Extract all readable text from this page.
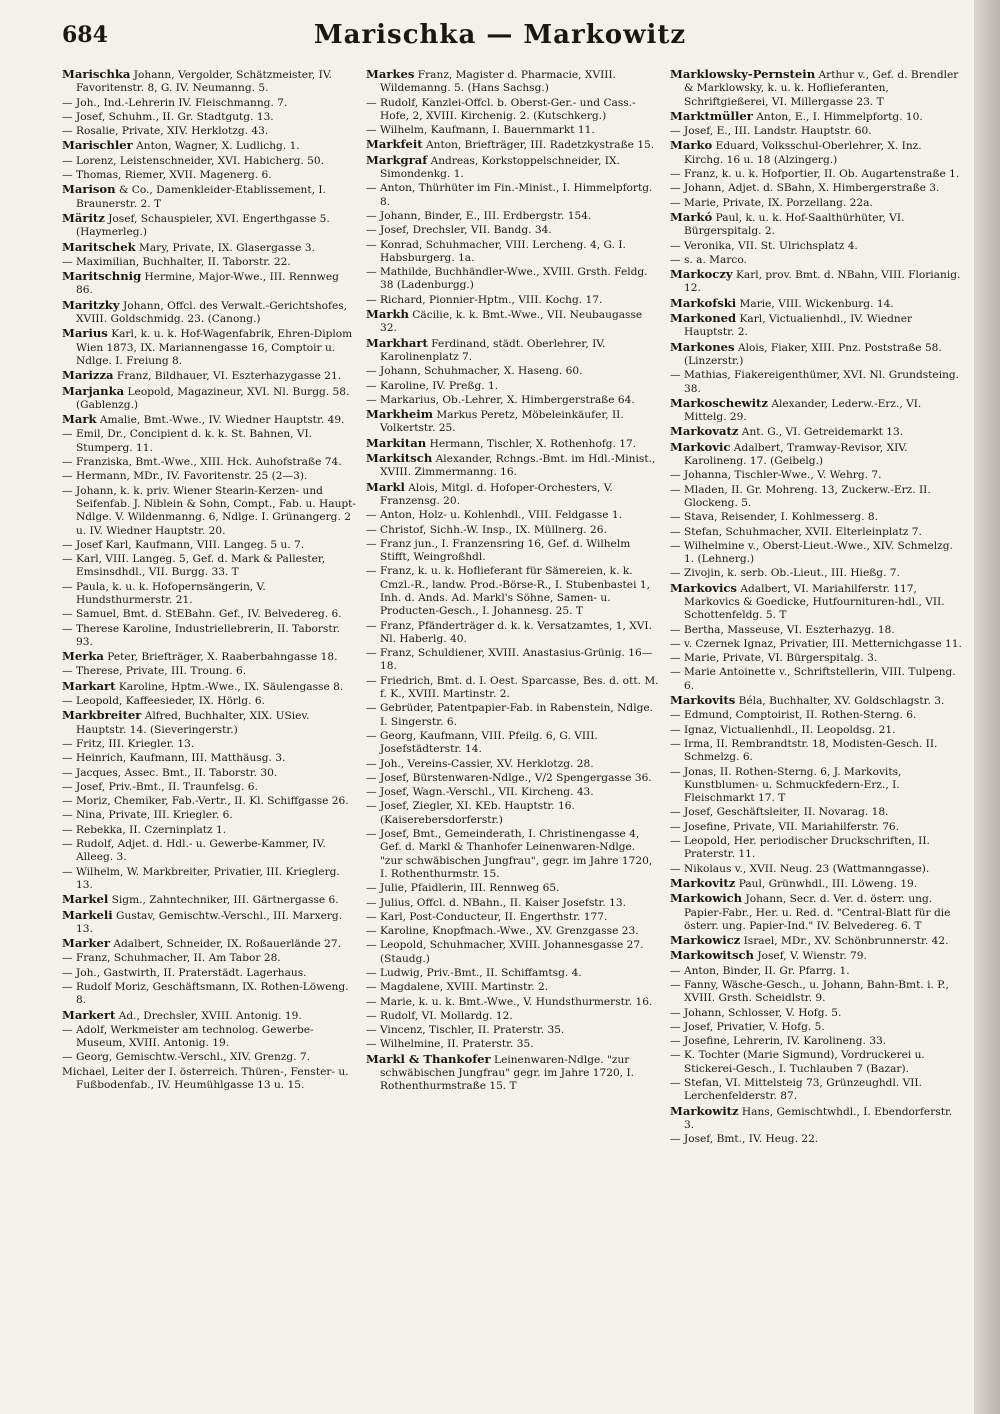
684	Marischka — Markowitz
Marischka Johann, Vergolder, Schätzmeister, IV. Favoritenstr. 8, G. IV. Neumanng. 5.
— Joh., Ind.-Lehrerin IV. Fleischmanng. 7.
— Josef, Schuhm., II. Gr. Stadtgutg. 13.
— Rosalie, Private, XIV. Herklotzg. 43.
Marischler Anton, Wagner, X. Ludlichg. 1.
— Lorenz, Leistenschneider, XVI. Habicherg. 50.
— Thomas, Riemer, XVII. Magenerg. 6.
Marison & Co., Damenkleider-Etablissement, I. Braunerstr. 2. T
Märitz Josef, Schauspieler, XVI. Engerthgasse 5. (Haymerleg.)
Maritschek Mary, Private, IX. Glasergasse 3.
— Maximilian, Buchhalter, II. Taborstr. 22.
Maritschnig Hermine, Major-Wwe., III. Rennweg 86.
Maritzky Johann, Offcl. des Verwalt.-Gerichtshofes, XVIII. Goldschmidg. 23. (Canong.)
Marius Karl, k. u. k. Hof-Wagenfabrik, Ehren-Diplom Wien 1873, IX. Mariannengasse 16, Comptoir u. Ndlge. I. Freiung 8.
Marizza Franz, Bildhauer, VI. Eszterhazygasse 21.
Marjanka Leopold, Magazineur, XVI. Nl. Burgg. 58. (Gablenzg.)
Mark Amalie, Bmt.-Wwe., IV. Wiedner Hauptstr. 49.
— Emil, Dr., Concipient d. k. k. St. Bahnen, VI. Stumperg. 11.
— Franziska, Bmt.-Wwe., XIII. Hck. Auhofstraße 74.
— Hermann, MDr., IV. Favoritenstr. 25 (2—3).
— Johann, k. k. priv. Wiener Stearin-Kerzen- und Seifenfab. J. Niblein & Sohn, Compt., Fab. u. Haupt-Ndlge. V. Wildenmanng. 6, Ndlge. I. Grünangerg. 2 u. IV. Wiedner Hauptstr. 20.
— Josef Karl, Kaufmann, VIII. Langeg. 5 u. 7.
— Karl, VIII. Langeg. 5, Gef. d. Mark & Pallester, Emsinsdhdl., VII. Burgg. 33. T
— Paula, k. u. k. Hofopernsängerin, V. Hundsthurmerstr. 21.
— Samuel, Bmt. d. StEBahn. Gef., IV. Belvedereg. 6.
— Therese Karoline, Industriellebrerin, II. Taborstr. 93.
Merka Peter, Briefträger, X. Raaberbahngasse 18.
— Therese, Private, III. Troung. 6.
Markart Karoline, Hptm.-Wwe., IX. Säulengasse 8.
— Leopold, Kaffeesieder, IX. Hörlg. 6.
Markbreiter Alfred, Buchhalter, XIX. USiev. Hauptstr. 14. (Sieveringerstr.)
— Fritz, III. Kriegler. 13.
— Heinrich, Kaufmann, III. Matthäusg. 3.
— Jacques, Assec. Bmt., II. Taborstr. 30.
— Josef, Priv.-Bmt., II. Traunfelsg. 6.
— Moriz, Chemiker, Fab.-Vertr., II. Kl. Schiffgasse 26.
— Nina, Private, III. Kriegler. 6.
— Rebekka, II. Czerninplatz 1.
— Rudolf, Adjet. d. Hdl.- u. Gewerbe-Kammer, IV. Alleeg. 3.
— Wilhelm, W. Markbreiter, Privatier, III. Krieglerg. 13.
Markel Sigm., Zahntechniker, III. Gärtnergasse 6.
Markeli Gustav, Gemischtw.-Verschl., III. Marxerg. 13.
Marker Adalbert, Schneider, IX. Roßauerlände 27.
— Franz, Schuhmacher, II. Am Tabor 28.
— Joh., Gastwirth, II. Praterstädt. Lagerhaus.
— Rudolf Moriz, Geschäftsmann, IX. Rothen-Löweng. 8.
Markert Ad., Drechsler, XVIII. Antonig. 19.
— Adolf, Werkmeister am technolog. Gewerbe-Museum, XVIII. Antonig. 19.
— Georg, Gemischtw.-Verschl., XIV. Grenzg. 7.
Michael, Leiter der I. österreich. Thüren-, Fenster- u. Fußbodenfab., IV. Heumühlgasse 13 u. 15.
Markes Franz, Magister d. Pharmacie, XVIII. Wildemanng. 5. (Hans Sachsg.)
— Rudolf, Kanzlei-Offcl. b. Oberst-Ger.- und Cass.-Hofe, 2, XVIII. Kirchenig. 2. (Kutschkerg.)
— Wilhelm, Kaufmann, I. Bauernmarkt 11.
Markfeit Anton, Briefträger, III. Radetzkystraße 15.
Markgraf Andreas, Korkstoppelschneider, IX. Simondenkg. 1.
— Anton, Thürhüter im Fin.-Minist., I. Himmelpfortg. 8.
— Johann, Binder, E., III. Erdbergstr. 154.
— Josef, Drechsler, VII. Bandg. 34.
— Konrad, Schuhmacher, VIII. Lercheng. 4, G. I. Habsburgerg. 1a.
— Mathilde, Buchhändler-Wwe., XVIII. Grsth. Feldg. 38 (Ladenburgg.)
— Richard, Pionnier-Hptm., VIII. Kochg. 17.
Markh Cäcilie, k. k. Bmt.-Wwe., VII. Neubaugasse 32.
Markhart Ferdinand, städt. Oberlehrer, IV. Karolinenplatz 7.
— Johann, Schuhmacher, X. Haseng. 60.
— Karoline, IV. Preßg. 1.
— Markarius, Ob.-Lehrer, X. Himbergerstraße 64.
Markheim Markus Peretz, Möbeleinkäufer, II. Volkertstr. 25.
Markitan Hermann, Tischler, X. Rothenhofg. 17.
Markitsch Alexander, Rchngs.-Bmt. im Hdl.-Minist., XVIII. Zimmermanng. 16.
Markl Alois, Mitgl. d. Hofoper-Orchesters, V. Franzensg. 20.
— Anton, Holz- u. Kohlenhdl., VIII. Feldgasse 1.
— Christof, Sichh.-W. Insp., IX. Müllnerg. 26.
— Franz jun., I. Franzensring 16, Gef. d. Wilhelm Stifft, Weingroßhdl.
— Franz, k. u. k. Hoflieferant für Sämereien, k. k. Cmzl.-R., landw. Prod.-Börse-R., I. Stubenbastei 1, Inh. d. Ands. Ad. Markl's Söhne, Samen- u. Producten-Gesch., I. Johannesg. 25. T
— Franz, Pfänderträger d. k. k. Versatzamtes, 1, XVI. Nl. Haberlg. 40.
— Franz, Schuldiener, XVIII. Anastasius-Grünig. 16—18.
— Friedrich, Bmt. d. I. Oest. Sparcasse, Bes. d. ott. M. f. K., XVIII. Martinstr. 2.
— Gebrüder, Patentpapier-Fab. in Rabenstein, Ndlge. I. Singerstr. 6.
— Georg, Kaufmann, VIII. Pfeilg. 6, G. VIII. Josefstädterstr. 14.
— Joh., Vereins-Cassier, XV. Herklotzg. 28.
— Josef, Bürstenwaren-Ndlge., V/2 Spengergasse 36.
— Josef, Wagn.-Verschl., VII. Kircheng. 43.
— Josef, Ziegler, XI. KEb. Hauptstr. 16. (Kaiserebersdorferstr.)
— Josef, Bmt., Gemeinderath, I. Christinengasse 4, Gef. d. Markl & Thanhofer Leinenwaren-Ndlge. "zur schwäbischen Jungfrau", gegr. im Jahre 1720, I. Rothenthurmstr. 15.
— Julie, Pfaidlerin, III. Rennweg 65.
— Julius, Offcl. d. NBahn., II. Kaiser Josefstr. 13.
— Karl, Post-Conducteur, II. Engerthstr. 177.
— Karoline, Knopfmach.-Wwe., XV. Grenzgasse 23.
— Leopold, Schuhmacher, XVIII. Johannesgasse 27. (Staudg.)
— Ludwig, Priv.-Bmt., II. Schiffamtsg. 4.
— Magdalene, XVIII. Martinstr. 2.
— Marie, k. u. k. Bmt.-Wwe., V. Hundsthurmerstr. 16.
— Rudolf, VI. Mollardg. 12.
— Vincenz, Tischler, II. Praterstr. 35.
— Wilhelmine, II. Praterstr. 35.
Markl & Thankofer Leinenwaren-Ndlge. "zur schwäbischen Jungfrau" gegr. im Jahre 1720, I. Rothenthurmstraße 15. T
Marklowsky-Pernstein Arthur v., Gef. d. Brendler & Marklowsky, k. u. k. Hoflieferanten, Schriftgießerei, VI. Millergasse 23. T
Marktmüller Anton, E., I. Himmelpfortg. 10.
— Josef, E., III. Landstr. Hauptstr. 60.
Marko Eduard, Volksschul-Oberlehrer, X. Inz. Kirchg. 16 u. 18 (Alzingerg.)
— Franz, k. u. k. Hofportier, II. Ob. Augartenstraße 1.
— Johann, Adjet. d. SBahn, X. Himbergerstraße 3.
— Marie, Private, IX. Porzellang. 22a.
Markó Paul, k. u. k. Hof-Saalthürhüter, VI. Bürgerspitalg. 2.
— Veronika, VII. St. Ulrichsplatz 4.
— s. a. Marco.
Markoczy Karl, prov. Bmt. d. NBahn, VIII. Florianig. 12.
Markofski Marie, VIII. Wickenburg. 14.
Markoned Karl, Victualienhdl., IV. Wiedner Hauptstr. 2.
Markones Alois, Fiaker, XIII. Pnz. Poststraße 58. (Linzerstr.)
— Mathias, Fiakereigenthümer, XVI. Nl. Grundsteing. 38.
Markoschewitz Alexander, Lederw.-Erz., VI. Mittelg. 29.
Markovatz Ant. G., VI. Getreidemarkt 13.
Markovic Adalbert, Tramway-Revisor, XIV. Karolineng. 17. (Geibelg.)
— Johanna, Tischler-Wwe., V. Wehrg. 7.
— Mladen, II. Gr. Mohreng. 13, Zuckerw.-Erz. II. Glockeng. 5.
— Stava, Reisender, I. Kohlmesserg. 8.
— Stefan, Schuhmacher, XVII. Elterleinplatz 7.
— Wilhelmine v., Oberst-Lieut.-Wwe., XIV. Schmelzg. 1. (Lehnerg.)
— Zivojin, k. serb. Ob.-Lieut., III. Hießg. 7.
Markovics Adalbert, VI. Mariahilferstr. 117, Markovics & Goedicke, Hutfournituren-hdl., VII. Schottenfeldg. 5. T
— Bertha, Masseuse, VI. Eszterhazyg. 18.
— v. Czernek Ignaz, Privatier, III. Metternichgasse 11.
— Marie, Private, VI. Bürgerspitalg. 3.
— Marie Antoinette v., Schriftstellerin, VIII. Tulpeng. 6.
Markovits Béla, Buchhalter, XV. Goldschlagstr. 3.
— Edmund, Comptoirist, II. Rothen-Sterng. 6.
— Ignaz, Victualienhdl., II. Leopoldsg. 21.
— Irma, II. Rembrandtstr. 18, Modisten-Gesch. II. Schmelzg. 6.
— Jonas, II. Rothen-Sterng. 6, J. Markovits, Kunstblumen- u. Schmuckfedern-Erz., I. Fleischmarkt 17. T
— Josef, Geschäftsleiter, II. Novarag. 18.
— Josefine, Private, VII. Mariahilferstr. 76.
— Leopold, Her. periodischer Druckschriften, II. Praterstr. 11.
— Nikolaus v., XVII. Neug. 23 (Wattmanngasse).
Markovitz Paul, Grünwhdl., III. Löweng. 19.
Markowich Johann, Secr. d. Ver. d. österr. ung. Papier-Fabr., Her. u. Red. d. "Central-Blatt für die österr. ung. Papier-Ind." IV. Belvedereg. 6. T
Markowicz Israel, MDr., XV. Schönbrunnerstr. 42.
Markowitsch Josef, V. Wienstr. 79.
— Anton, Binder, II. Gr. Pfarrg. 1.
— Fanny, Wäsche-Gesch., u. Johann, Bahn-Bmt. i. P., XVIII. Grsth. Scheidlstr. 9.
— Johann, Schlosser, V. Hofg. 5.
— Josef, Privatier, V. Hofg. 5.
— Josefine, Lehrerin, IV. Karolineng. 33.
— K. Tochter (Marie Sigmund), Vordruckerei u. Stickerei-Gesch., I. Tuchlauben 7 (Bazar).
— Stefan, VI. Mittelsteig 73, Grünzeughdl. VII. Lerchenfelderstr. 87.
Markowitz Hans, Gemischtwhdl., I. Ebendorferstr. 3.
— Josef, Bmt., IV. Heug. 22.
